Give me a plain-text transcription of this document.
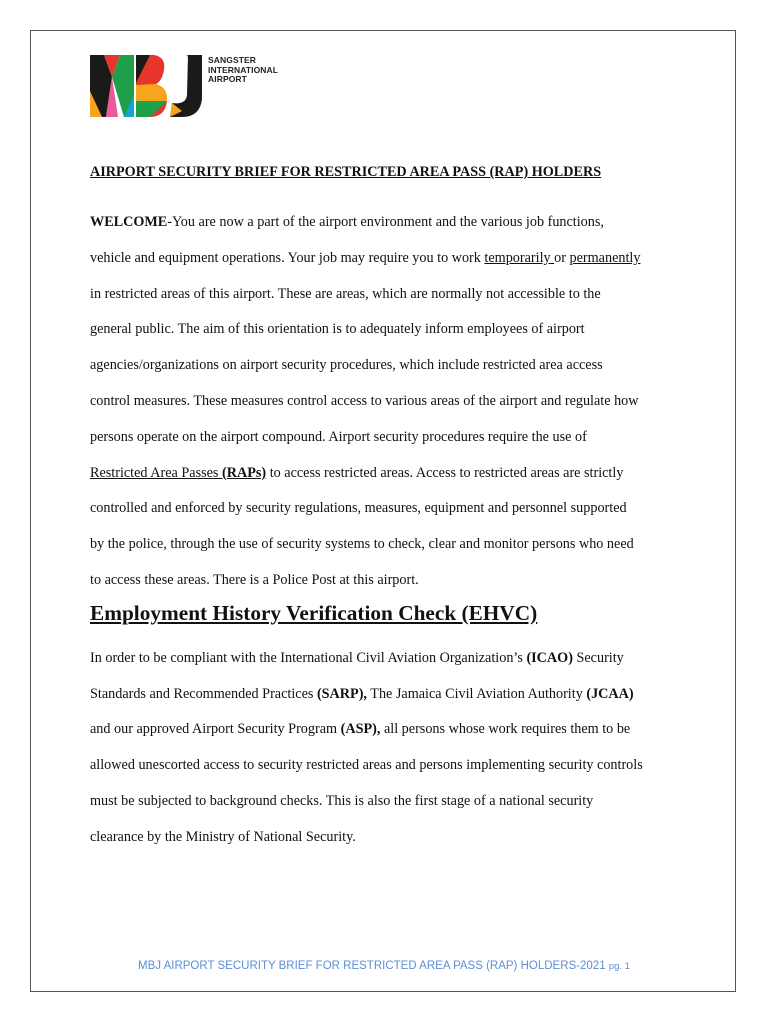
SANGSTER
INTERNATIONAL
AIRPORT
AIRPORT SECURITY BRIEF FOR RESTRICTED AREA PASS (RAP) HOLDERS

WELCOME-You are now a part of the airport environment and the various job functions,
vehicle and equipment operations. Your job may require you to work temporarily or permanently
in restricted areas of this airport. These are areas, which are normally not accessible to the
general public. The aim of this orientation is to adequately inform employees of airport
agencies/organizations on airport security procedures, which include restricted area access
control measures. These measures control access to various areas of the airport and regulate how
persons operate on the airport compound. Airport security procedures require the use of
Restricted Area Passes (RAPs) to access restricted areas. Access to restricted areas are strictly
controlled and enforced by security regulations, measures, equipment and personnel supported
by the police, through the use of security systems to check, clear and monitor persons who need
to access these areas. There is a Police Post at this airport.

Employment History Verification Check (EHVC)

In order to be compliant with the International Civil Aviation Organization’s (ICAO) Security
Standards and Recommended Practices (SARP), The Jamaica Civil Aviation Authority (JCAA)
and our approved Airport Security Program (ASP), all persons whose work requires them to be
allowed unescorted access to security restricted areas and persons implementing security controls
must be subjected to background checks. This is also the first stage of a national security
clearance by the Ministry of National Security.

MBJ AIRPORT SECURITY BRIEF FOR RESTRICTED AREA PASS (RAP) HOLDERS-2021 pg. 1
